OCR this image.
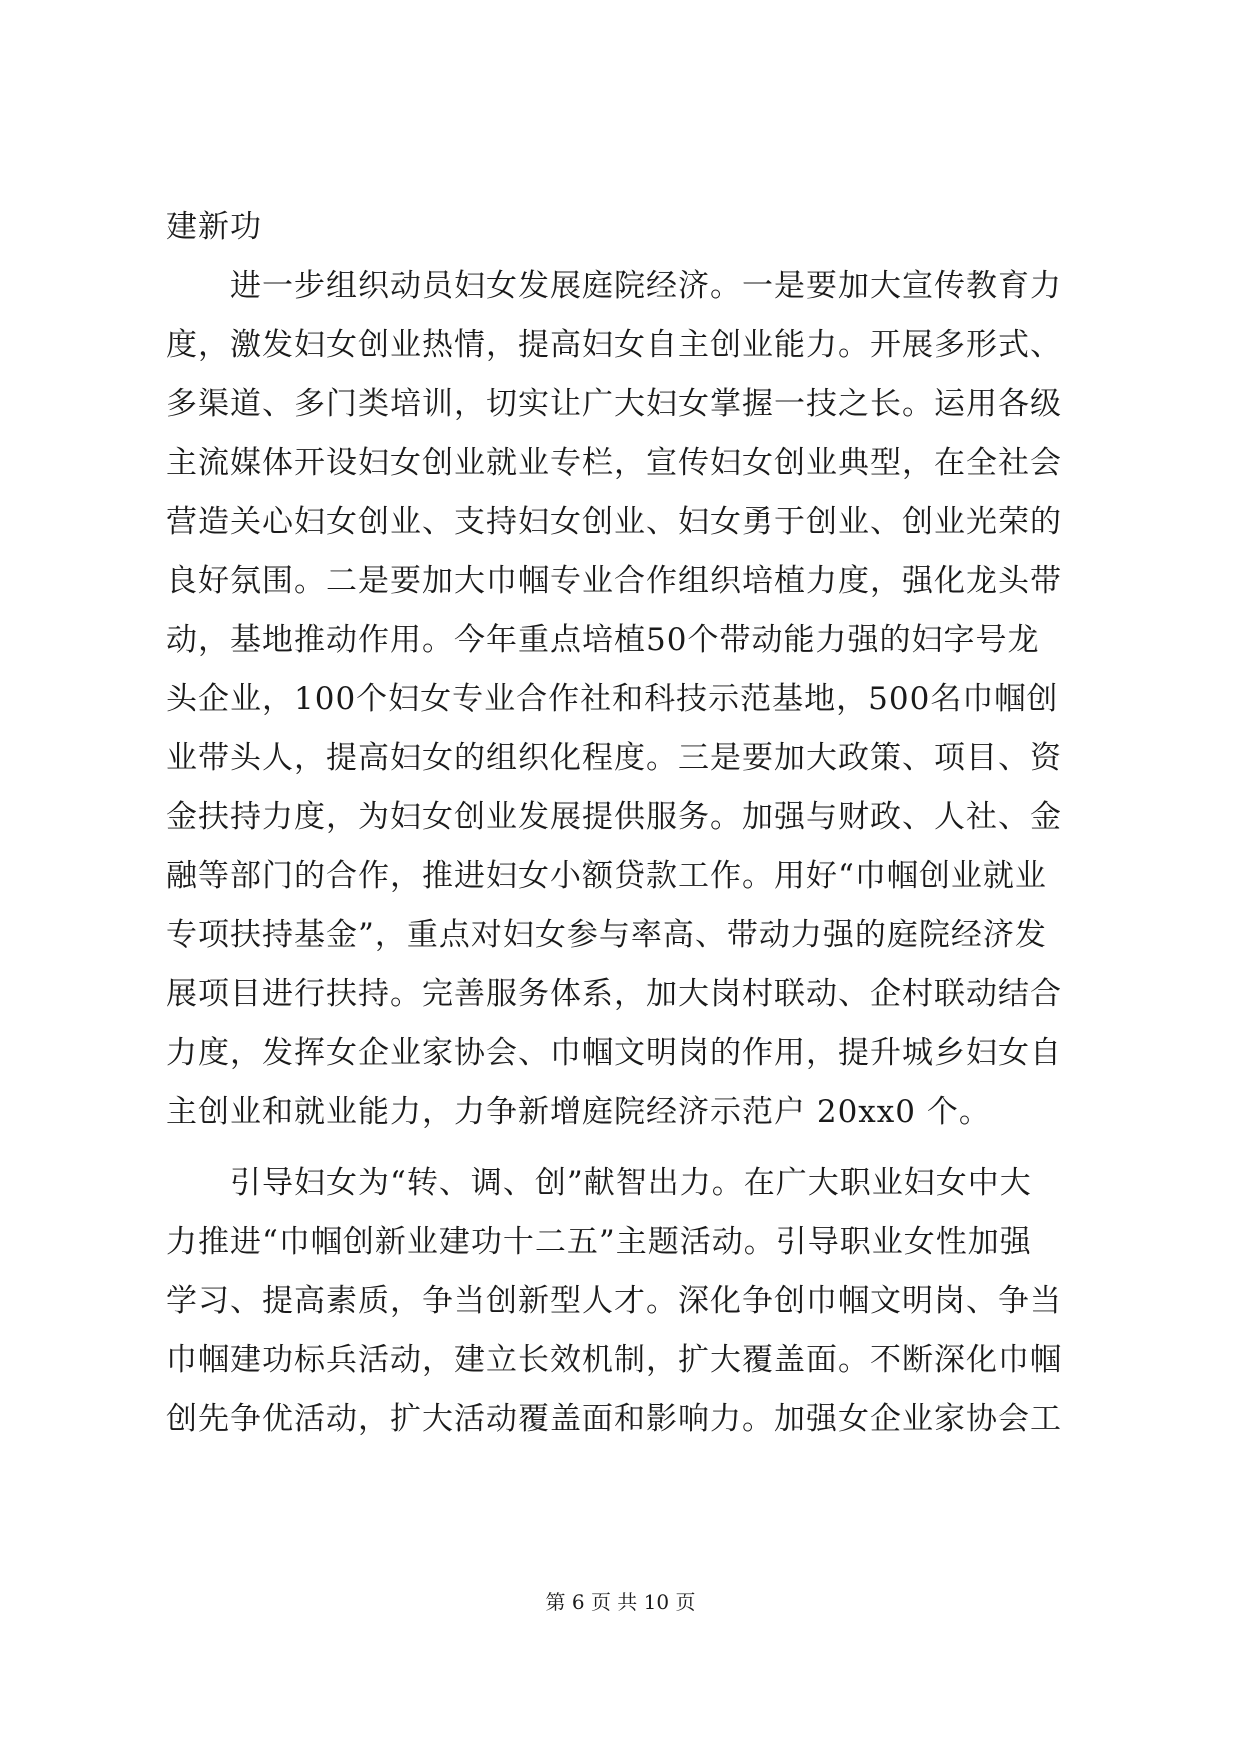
建新功
进一步组织动员妇女发展庭院经济。一是要加大宣传教育力
度，激发妇女创业热情，提高妇女自主创业能力。开展多形式、
多渠道、多门类培训，切实让广大妇女掌握一技之长。运用各级
主流媒体开设妇女创业就业专栏，宣传妇女创业典型，在全社会
营造关心妇女创业、支持妇女创业、妇女勇于创业、创业光荣的
良好氛围。二是要加大巾帼专业合作组织培植力度，强化龙头带
动，基地推动作用。今年重点培植50个带动能力强的妇字号龙
头企业，100个妇女专业合作社和科技示范基地，500名巾帼创
业带头人，提高妇女的组织化程度。三是要加大政策、项目、资
金扶持力度，为妇女创业发展提供服务。加强与财政、人社、金
融等部门的合作，推进妇女小额贷款工作。用好“巾帼创业就业
专项扶持基金”，重点对妇女参与率高、带动力强的庭院经济发
展项目进行扶持。完善服务体系，加大岗村联动、企村联动结合
力度，发挥女企业家协会、巾帼文明岗的作用，提升城乡妇女自
主创业和就业能力，力争新增庭院经济示范户 20xx0 个。
引导妇女为“转、调、创”献智出力。在广大职业妇女中大
力推进“巾帼创新业建功十二五”主题活动。引导职业女性加强
学习、提高素质，争当创新型人才。深化争创巾帼文明岗、争当
巾帼建功标兵活动，建立长效机制，扩大覆盖面。不断深化巾帼
创先争优活动，扩大活动覆盖面和影响力。加强女企业家协会工
第 6 页 共 10 页
